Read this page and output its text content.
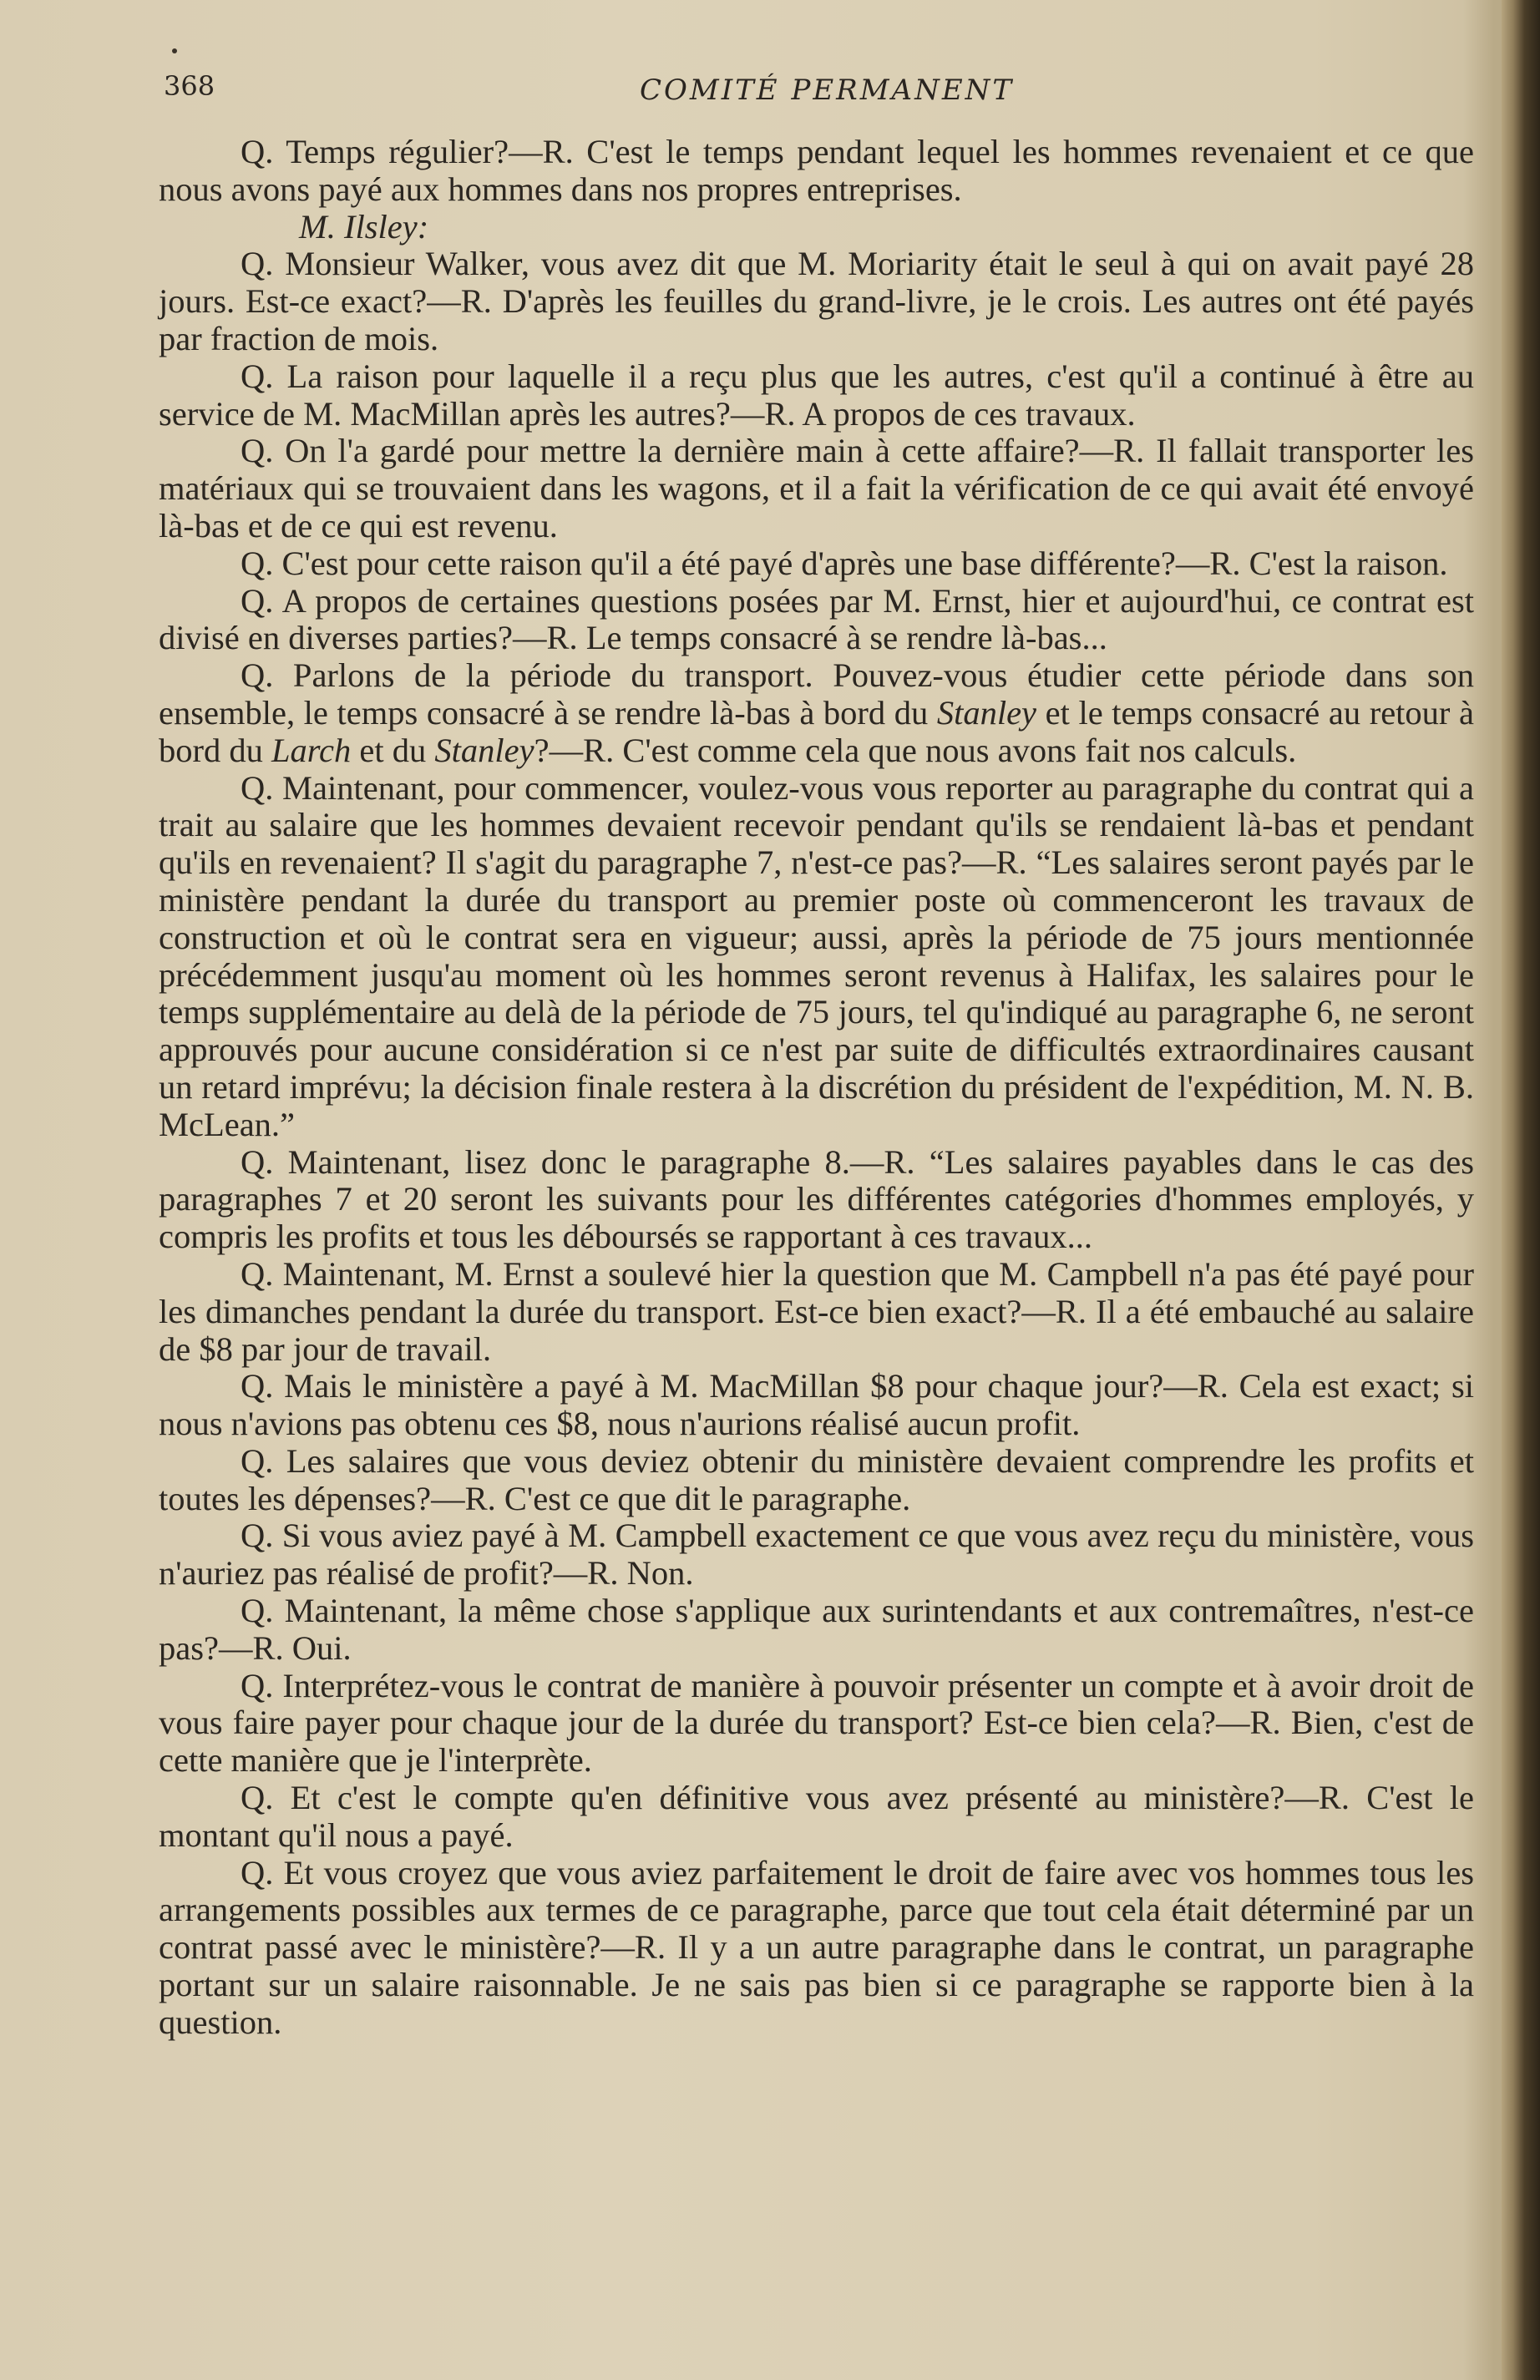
368	COMITÉ PERMANENT

Q. Temps régulier?—R. C'est le temps pendant lequel les hommes revenaient et ce que nous avons payé aux hommes dans nos propres entreprises.

M. Ilsley:

Q. Monsieur Walker, vous avez dit que M. Moriarity était le seul à qui on avait payé 28 jours. Est-ce exact?—R. D'après les feuilles du grand-livre, je le crois. Les autres ont été payés par fraction de mois.

Q. La raison pour laquelle il a reçu plus que les autres, c'est qu'il a continué à être au service de M. MacMillan après les autres?—R. A propos de ces travaux.

Q. On l'a gardé pour mettre la dernière main à cette affaire?—R. Il fallait transporter les matériaux qui se trouvaient dans les wagons, et il a fait la vérification de ce qui avait été envoyé là-bas et de ce qui est revenu.

Q. C'est pour cette raison qu'il a été payé d'après une base différente?—R. C'est la raison.

Q. A propos de certaines questions posées par M. Ernst, hier et aujourd'hui, ce contrat est divisé en diverses parties?—R. Le temps consacré à se rendre là-bas...

Q. Parlons de la période du transport. Pouvez-vous étudier cette période dans son ensemble, le temps consacré à se rendre là-bas à bord du Stanley et le temps consacré au retour à bord du Larch et du Stanley?—R. C'est comme cela que nous avons fait nos calculs.

Q. Maintenant, pour commencer, voulez-vous vous reporter au paragraphe du contrat qui a trait au salaire que les hommes devaient recevoir pendant qu'ils se rendaient là-bas et pendant qu'ils en revenaient? Il s'agit du paragraphe 7, n'est-ce pas?—R. “Les salaires seront payés par le ministère pendant la durée du transport au premier poste où commenceront les travaux de construction et où le contrat sera en vigueur; aussi, après la période de 75 jours mentionnée précédemment jusqu'au moment où les hommes seront revenus à Halifax, les salaires pour le temps supplémentaire au delà de la période de 75 jours, tel qu'indiqué au paragraphe 6, ne seront approuvés pour aucune considération si ce n'est par suite de difficultés extraordinaires causant un retard imprévu; la décision finale restera à la discrétion du président de l'expédition, M. N. B. McLean.”

Q. Maintenant, lisez donc le paragraphe 8.—R. “Les salaires payables dans le cas des paragraphes 7 et 20 seront les suivants pour les différentes catégories d'hommes employés, y compris les profits et tous les déboursés se rapportant à ces travaux...

Q. Maintenant, M. Ernst a soulevé hier la question que M. Campbell n'a pas été payé pour les dimanches pendant la durée du transport. Est-ce bien exact?—R. Il a été embauché au salaire de $8 par jour de travail.

Q. Mais le ministère a payé à M. MacMillan $8 pour chaque jour?—R. Cela est exact; si nous n'avions pas obtenu ces $8, nous n'aurions réalisé aucun profit.

Q. Les salaires que vous deviez obtenir du ministère devaient comprendre les profits et toutes les dépenses?—R. C'est ce que dit le paragraphe.

Q. Si vous aviez payé à M. Campbell exactement ce que vous avez reçu du ministère, vous n'auriez pas réalisé de profit?—R. Non.

Q. Maintenant, la même chose s'applique aux surintendants et aux contremaîtres, n'est-ce pas?—R. Oui.

Q. Interprétez-vous le contrat de manière à pouvoir présenter un compte et à avoir droit de vous faire payer pour chaque jour de la durée du transport? Est-ce bien cela?—R. Bien, c'est de cette manière que je l'interprète.

Q. Et c'est le compte qu'en définitive vous avez présenté au ministère?—R. C'est le montant qu'il nous a payé.

Q. Et vous croyez que vous aviez parfaitement le droit de faire avec vos hommes tous les arrangements possibles aux termes de ce paragraphe, parce que tout cela était déterminé par un contrat passé avec le ministère?—R. Il y a un autre paragraphe dans le contrat, un paragraphe portant sur un salaire raisonnable. Je ne sais pas bien si ce paragraphe se rapporte bien à la question.
